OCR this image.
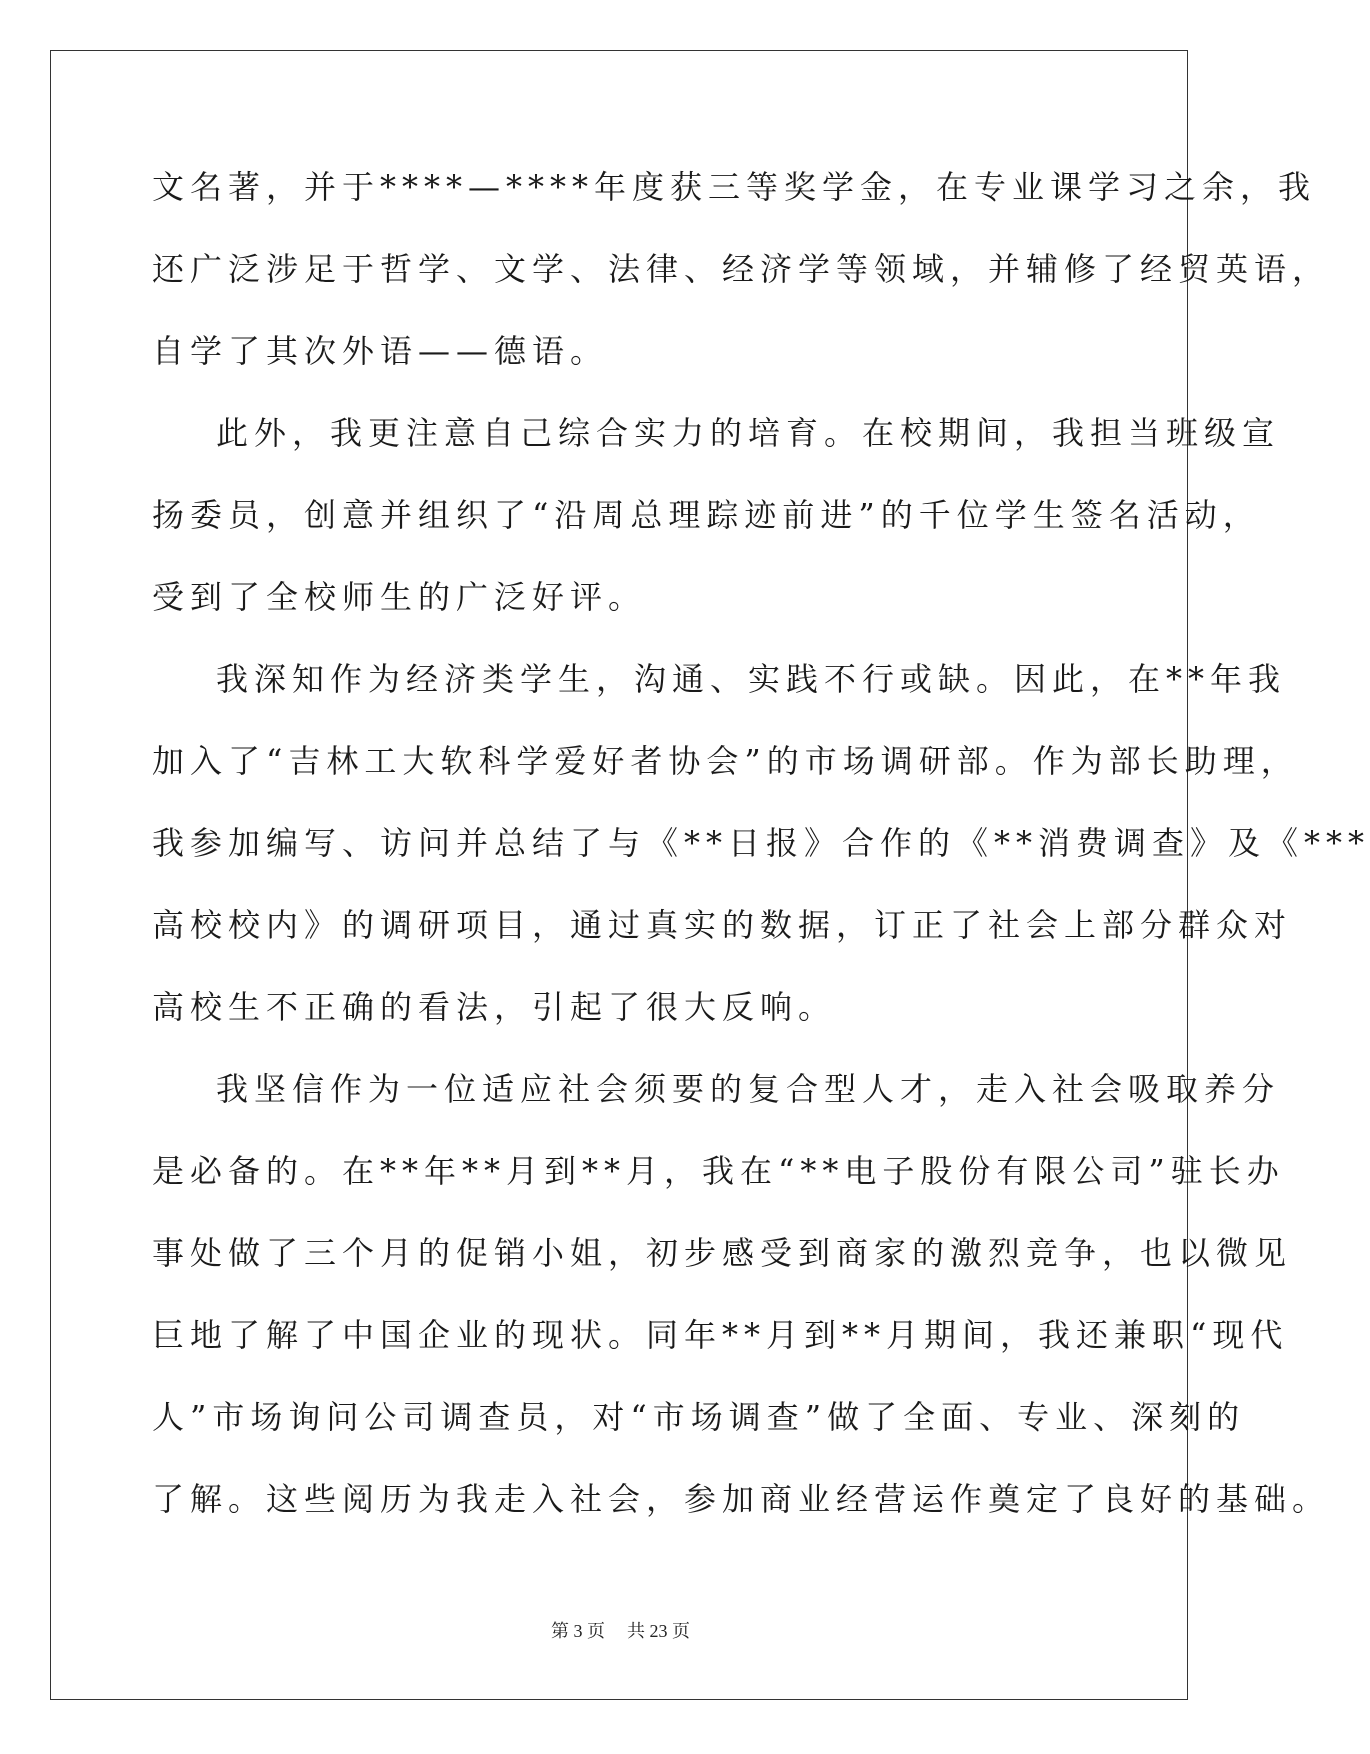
文名著，并于****—****年度获三等奖学金，在专业课学习之余，我
还广泛涉足于哲学、文学、法律、经济学等领域，并辅修了经贸英语，
自学了其次外语——德语。
此外，我更注意自己综合实力的培育。在校期间，我担当班级宣
扬委员，创意并组织了“沿周总理踪迹前进”的千位学生签名活动，
受到了全校师生的广泛好评。
我深知作为经济类学生，沟通、实践不行或缺。因此，在**年我
加入了“吉林工大软科学爱好者协会”的市场调研部。作为部长助理，
我参加编写、访问并总结了与《**日报》合作的《**消费调查》及《***
高校校内》的调研项目，通过真实的数据，订正了社会上部分群众对
高校生不正确的看法，引起了很大反响。
我坚信作为一位适应社会须要的复合型人才，走入社会吸取养分
是必备的。在**年**月到**月，我在“**电子股份有限公司”驻长办
事处做了三个月的促销小姐，初步感受到商家的激烈竞争，也以微见
巨地了解了中国企业的现状。同年**月到**月期间，我还兼职“现代
人”市场询问公司调查员，对“市场调查”做了全面、专业、深刻的
了解。这些阅历为我走入社会，参加商业经营运作奠定了良好的基础。
第 3 页 共 23 页
